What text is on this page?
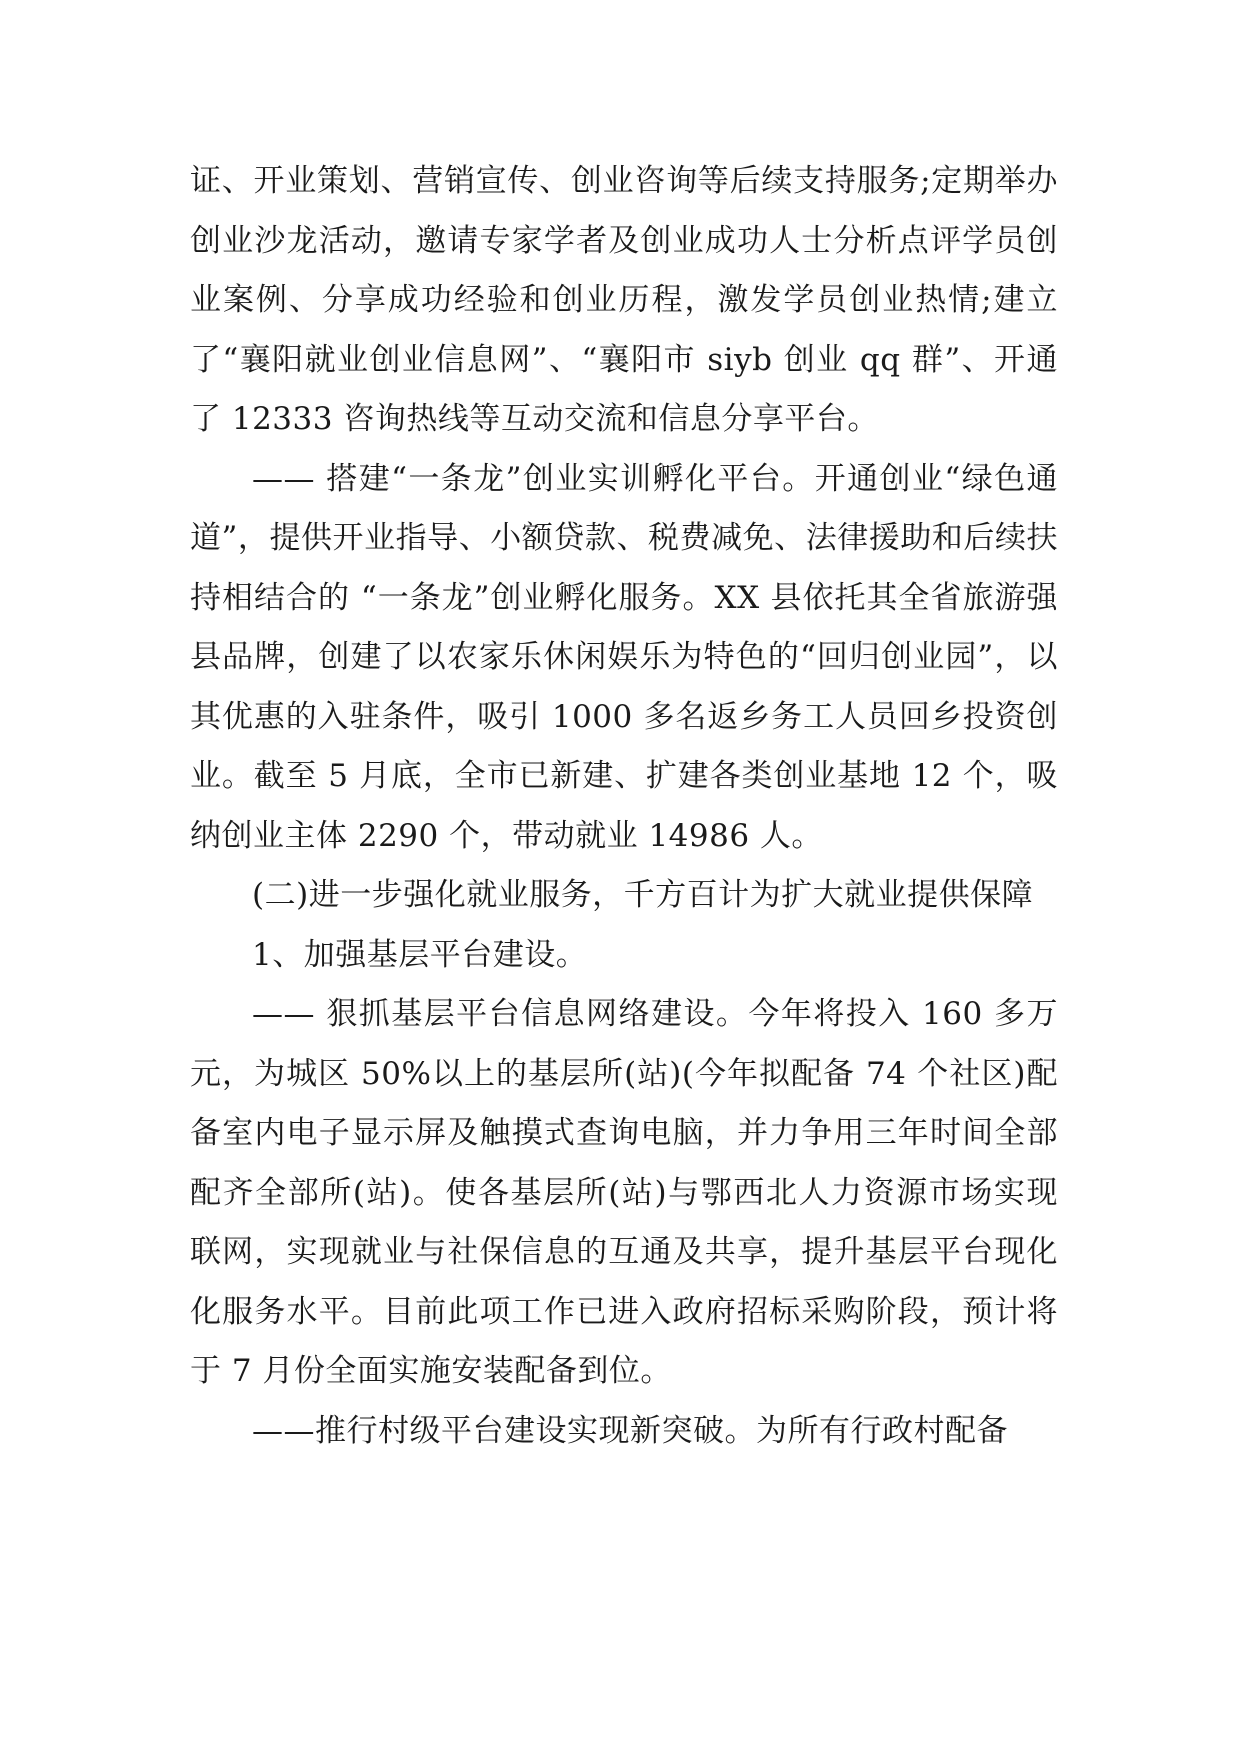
证、开业策划、营销宣传、创业咨询等后续支持服务;定期举办创业沙龙活动，邀请专家学者及创业成功人士分析点评学员创业案例、分享成功经验和创业历程，激发学员创业热情;建立了“襄阳就业创业信息网”、“襄阳市 siyb 创业 qq 群”、开通了 12333 咨询热线等互动交流和信息分享平台。

—— 搭建“一条龙”创业实训孵化平台。开通创业“绿色通道”，提供开业指导、小额贷款、税费减免、法律援助和后续扶持相结合的 “一条龙”创业孵化服务。XX 县依托其全省旅游强县品牌，创建了以农家乐休闲娱乐为特色的“回归创业园”，以其优惠的入驻条件，吸引 1000 多名返乡务工人员回乡投资创业。截至 5 月底，全市已新建、扩建各类创业基地 12 个，吸纳创业主体 2290 个，带动就业 14986 人。

(二)进一步强化就业服务，千方百计为扩大就业提供保障

1、加强基层平台建设。

—— 狠抓基层平台信息网络建设。今年将投入 160 多万元，为城区 50%以上的基层所(站)(今年拟配备 74 个社区)配备室内电子显示屏及触摸式查询电脑，并力争用三年时间全部配齐全部所(站)。使各基层所(站)与鄂西北人力资源市场实现联网，实现就业与社保信息的互通及共享，提升基层平台现化化服务水平。目前此项工作已进入政府招标采购阶段，预计将于 7 月份全面实施安装配备到位。

——推行村级平台建设实现新突破。为所有行政村配备
